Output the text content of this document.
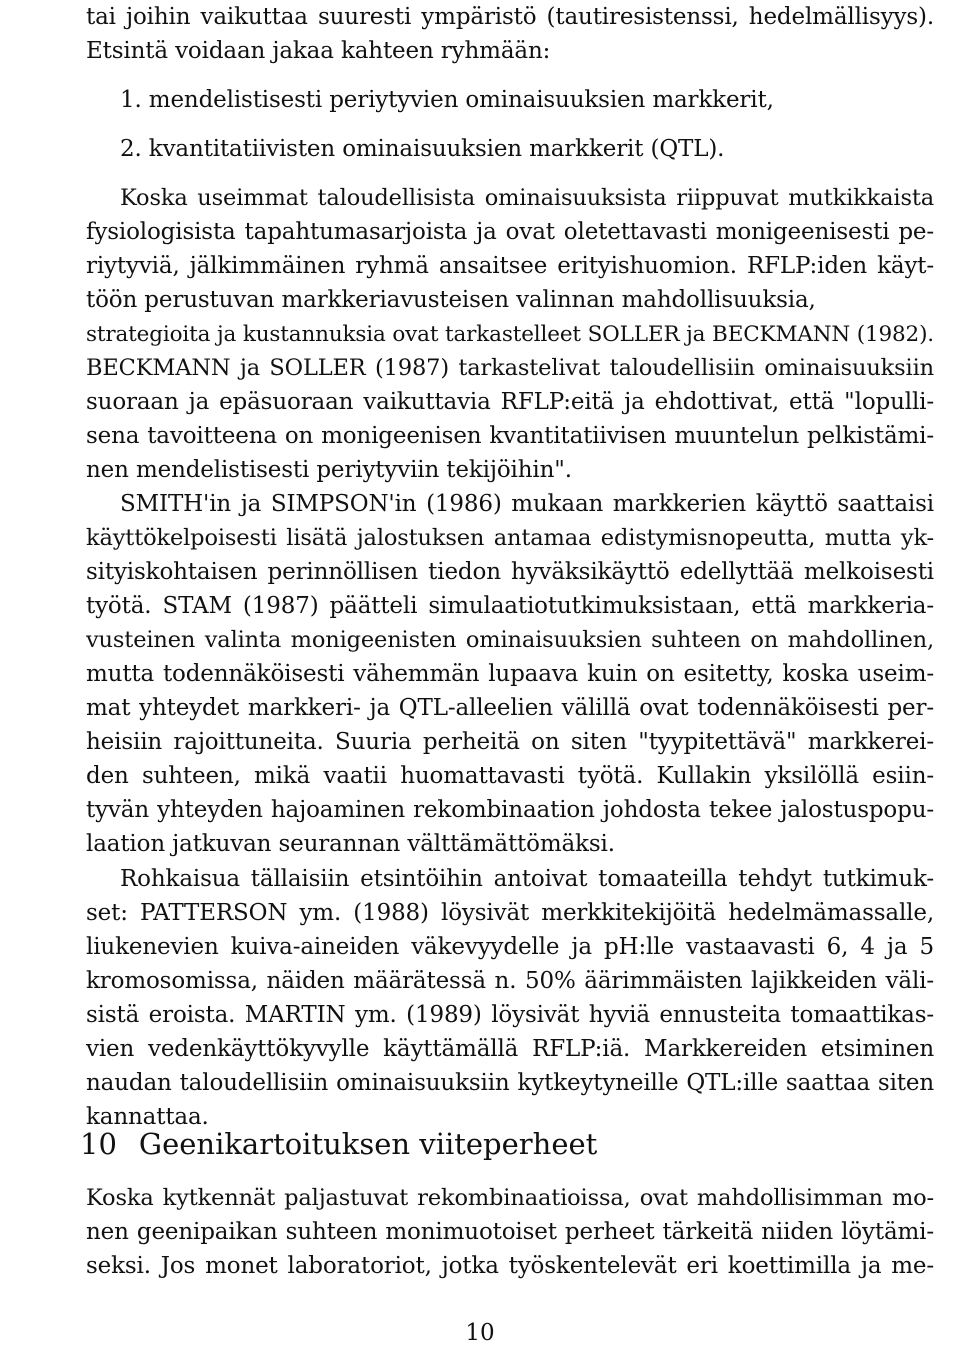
tai joihin vaikuttaa suuresti ympäristö (tautiresistenssi, hedelmällisyys).
Etsintä voidaan jakaa kahteen ryhmään:
1. mendelistisesti periytyvien ominaisuuksien markkerit,
2. kvantitatiivisten ominaisuuksien markkerit (QTL).
Koska useimmat taloudellisista ominaisuuksista riippuvat mutkikkaista
fysiologisista tapahtumasarjoista ja ovat oletettavasti monigeenisesti pe-
riytyviä, jälkimmäinen ryhmä ansaitsee erityishuomion. RFLP:iden käyt-
töön perustuvan markkeriavusteisen valinnan mahdollisuuksia,
strategioita ja kustannuksia ovat tarkastelleet SOLLER ja BECKMANN (1982).
BECKMANN ja SOLLER (1987) tarkastelivat taloudellisiin ominaisuuksiin
suoraan ja epäsuoraan vaikuttavia RFLP:eitä ja ehdottivat, että "lopulli-
sena tavoitteena on monigeenisen kvantitatiivisen muuntelun pelkistämi-
nen mendelistisesti periytyviin tekijöihin".
SMITH'in ja SIMPSON'in (1986) mukaan markkerien käyttö saattaisi
käyttökelpoisesti lisätä jalostuksen antamaa edistymisnopeutta, mutta yk-
sityiskohtaisen perinnöllisen tiedon hyväksikäyttö edellyttää melkoisesti
työtä. STAM (1987) päätteli simulaatiotutkimuksistaan, että markkeria-
vusteinen valinta monigeenisten ominaisuuksien suhteen on mahdollinen,
mutta todennäköisesti vähemmän lupaava kuin on esitetty, koska useim-
mat yhteydet markkeri- ja QTL-alleelien välillä ovat todennäköisesti per-
heisiin rajoittuneita. Suuria perheitä on siten "tyypitettävä" markkerei-
den suhteen, mikä vaatii huomattavasti työtä. Kullakin yksilöllä esiin-
tyvän yhteyden hajoaminen rekombinaation johdosta tekee jalostuspopu-
laation jatkuvan seurannan välttämättömäksi.
Rohkaisua tällaisiin etsintöihin antoivat tomaateilla tehdyt tutkimuk-
set: PATTERSON ym. (1988) löysivät merkkitekijöitä hedelmämassalle,
liukenevien kuiva-aineiden väkevyydelle ja pH:lle vastaavasti 6, 4 ja 5
kromosomissa, näiden määrätessä n. 50% äärimmäisten lajikkeiden väli-
sistä eroista. MARTIN ym. (1989) löysivät hyviä ennusteita tomaattikas-
vien vedenkäyttökyvylle käyttämällä RFLP:iä. Markkereiden etsiminen
naudan taloudellisiin ominaisuuksiin kytkeytyneille QTL:ille saattaa siten
kannattaa.
10 Geenikartoituksen viiteperheet
Koska kytkennät paljastuvat rekombinaatioissa, ovat mahdollisimman mo-
nen geenipaikan suhteen monimuotoiset perheet tärkeitä niiden löytämi-
seksi. Jos monet laboratoriot, jotka työskentelevät eri koettimilla ja me-
10
